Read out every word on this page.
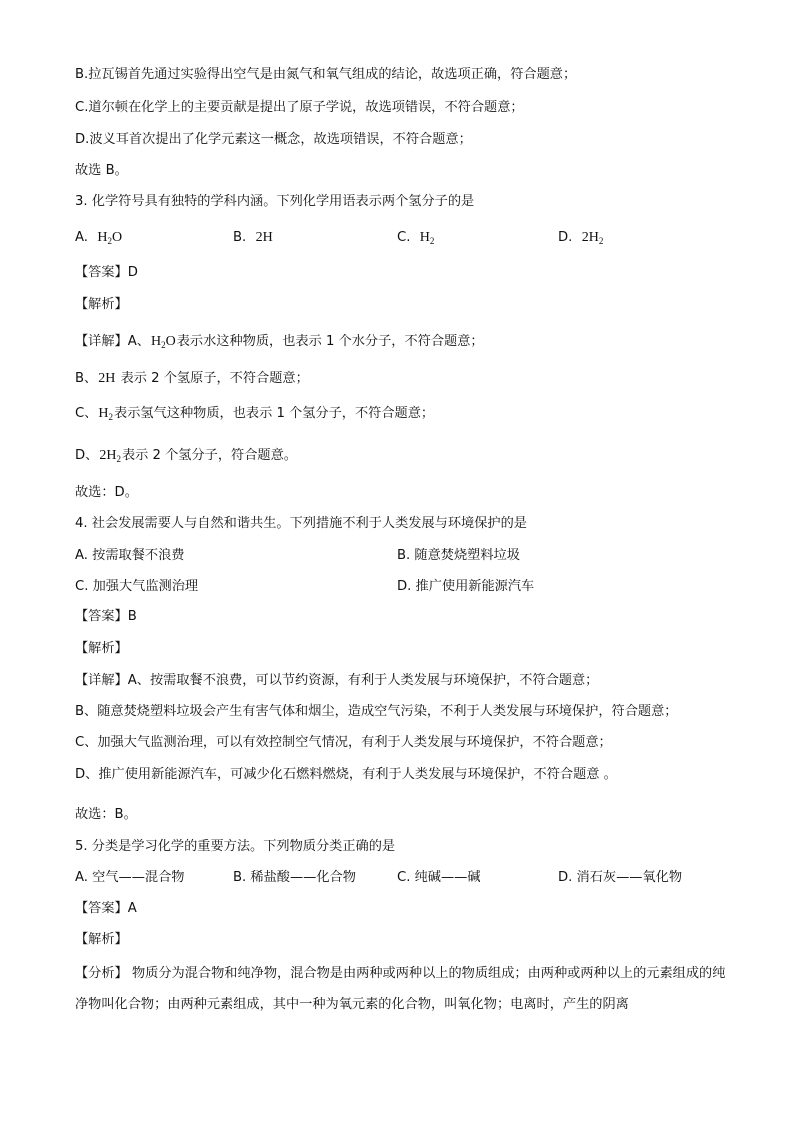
B.拉瓦锡首先通过实验得出空气是由氮气和氧气组成的结论，故选项正确，符合题意；
C.道尔顿在化学上的主要贡献是提出了原子学说，故选项错误，不符合题意；
D.波义耳首次提出了化学元素这一概念，故选项错误，不符合题意；
故选 B。
3. 化学符号具有独特的学科内涵。下列化学用语表示两个氢分子的是
A. $H_2O$	B. 2H	C. $H_2$	D. $2H_2$
【答案】D
【解析】
【详解】A、$H_2O$表示水这种物质，也表示 1 个水分子，不符合题意；
B、2H 表示 2 个氢原子，不符合题意；
C、$H_2$表示氢气这种物质，也表示 1 个氢分子，不符合题意；
D、$2H_2$表示 2 个氢分子，符合题意。
故选：D。
4. 社会发展需要人与自然和谐共生。下列措施不利于人类发展与环境保护的是
A. 按需取餐不浪费	B. 随意焚烧塑料垃圾
C. 加强大气监测治理	D. 推广使用新能源汽车
【答案】B
【解析】
【详解】A、按需取餐不浪费，可以节约资源，有利于人类发展与环境保护，不符合题意；
B、随意焚烧塑料垃圾会产生有害气体和烟尘，造成空气污染，不利于人类发展与环境保护，符合题意；
C、加强大气监测治理，可以有效控制空气情况，有利于人类发展与环境保护，不符合题意；
D、推广使用新能源汽车，可减少化石燃料燃烧，有利于人类发展与环境保护，不符合题意 。
故选：B。
5. 分类是学习化学的重要方法。下列物质分类正确的是
A. 空气——混合物	B. 稀盐酸——化合物	C. 纯碱——碱	D. 消石灰——氧化物
【答案】A
【解析】
【分析】 物质分为混合物和纯净物，混合物是由两种或两种以上的物质组成；由两种或两种以上的元素组成的纯净物叫化合物；由两种元素组成，其中一种为氧元素的化合物，叫氧化物；电离时，产生的阴离
